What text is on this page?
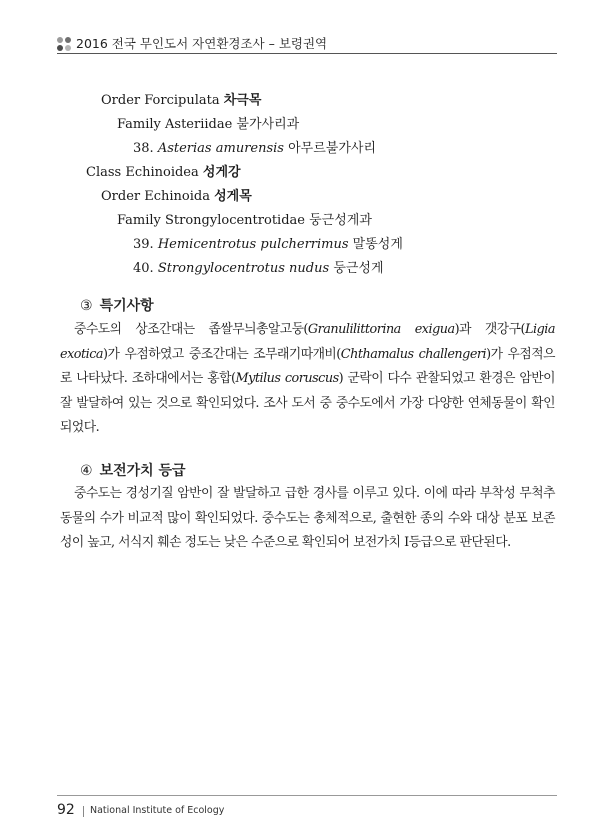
2016 전국 무인도서 자연환경조사 – 보령권역
Order Forcipulata 차극목
Family Asteriidae 불가사리과
38. Asterias amurensis 아무르불가사리
Class Echinoidea 성게강
Order Echinoida 성게목
Family Strongylocentrotidae 둥근성게과
39. Hemicentrotus pulcherrimus 말똥성게
40. Strongylocentrotus nudus 둥근성게
③ 특기사항
중수도의 상조간대는 좁쌀무늬총알고둥(Granulilittorina exigua)과 갯강구(Ligia exotica)가 우점하였고 중조간대는 조무래기따개비(Chthamalus challengeri)가 우점적으로 나타났다. 조하대에서는 홍합(Mytilus coruscus) 군락이 다수 관찰되었고 환경은 암반이 잘 발달하여 있는 것으로 확인되었다. 조사 도서 중 중수도에서 가장 다양한 연체동물이 확인되었다.
④ 보전가치 등급
중수도는 경성기질 암반이 잘 발달하고 급한 경사를 이루고 있다. 이에 따라 부착성 무척추동물의 수가 비교적 많이 확인되었다. 중수도는 총체적으로, 출현한 종의 수와 대상 분포 보존성이 높고, 서식지 훼손 정도는 낮은 수준으로 확인되어 보전가치 Ⅰ등급으로 판단된다.
92 National Institute of Ecology
